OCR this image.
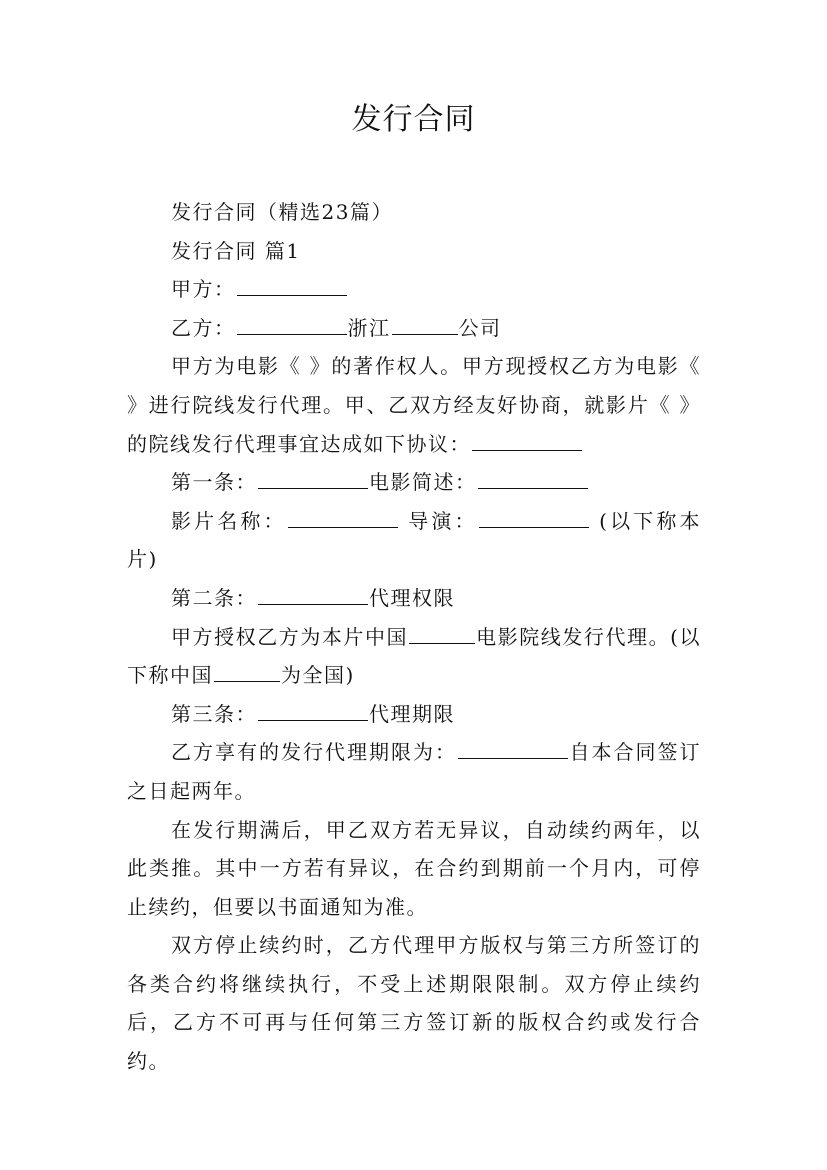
发行合同

发行合同（精选23篇）

发行合同 篇1

甲方：

乙方：	浙江	公司

甲方为电影《 》的著作权人。甲方现授权乙方为电影《 》进行院线发行代理。甲、乙双方经友好协商，就影片《 》的院线发行代理事宜达成如下协议：

第一条：	电影简述：

影片名称：	导演：	(以下称本片)

第二条：	代理权限

甲方授权乙方为本片中国	电影院线发行代理。(以下称中国	为全国)

第三条：	代理期限

乙方享有的发行代理期限为：	自本合同签订之日起两年。

在发行期满后，甲乙双方若无异议，自动续约两年，以此类推。其中一方若有异议，在合约到期前一个月内，可停止续约，但要以书面通知为准。

双方停止续约时，乙方代理甲方版权与第三方所签订的各类合约将继续执行，不受上述期限限制。双方停止续约后，乙方不可再与任何第三方签订新的版权合约或发行合约。
